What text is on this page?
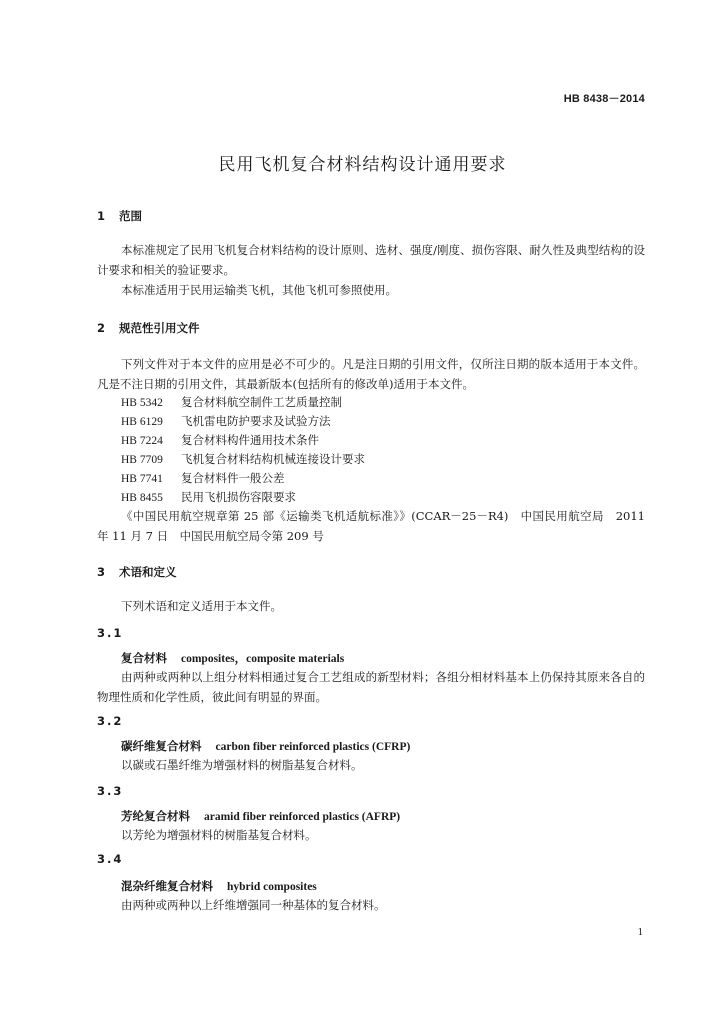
HB 8438－2014
民用飞机复合材料结构设计通用要求
1 范围

本标准规定了民用飞机复合材料结构的设计原则、选材、强度/刚度、损伤容限、耐久性及典型结构的设计要求和相关的验证要求。

本标准适用于民用运输类飞机，其他飞机可参照使用。

2 规范性引用文件

下列文件对于本文件的应用是必不可少的。凡是注日期的引用文件，仅所注日期的版本适用于本文件。凡是不注日期的引用文件，其最新版本(包括所有的修改单)适用于本文件。

HB 5342 复合材料航空制件工艺质量控制
HB 6129 飞机雷电防护要求及试验方法
HB 7224 复合材料构件通用技术条件
HB 7709 飞机复合材料结构机械连接设计要求
HB 7741 复合材料件一般公差
HB 8455 民用飞机损伤容限要求

《中国民用航空规章第 25 部《运输类飞机适航标准》》(CCAR－25－R4)　中国民用航空局　2011 年 11 月 7 日　中国民用航空局令第 209 号

3 术语和定义

下列术语和定义适用于本文件。

3.1
复合材料 composites，composite materials

由两种或两种以上组分材料相通过复合工艺组成的新型材料；各组分相材料基本上仍保持其原来各自的物理性质和化学性质，彼此间有明显的界面。

3.2
碳纤维复合材料 carbon fiber reinforced plastics (CFRP)

以碳或石墨纤维为增强材料的树脂基复合材料。

3.3
芳纶复合材料 aramid fiber reinforced plastics (AFRP)

以芳纶为增强材料的树脂基复合材料。

3.4
混杂纤维复合材料 hybrid composites

由两种或两种以上纤维增强同一种基体的复合材料。

1
